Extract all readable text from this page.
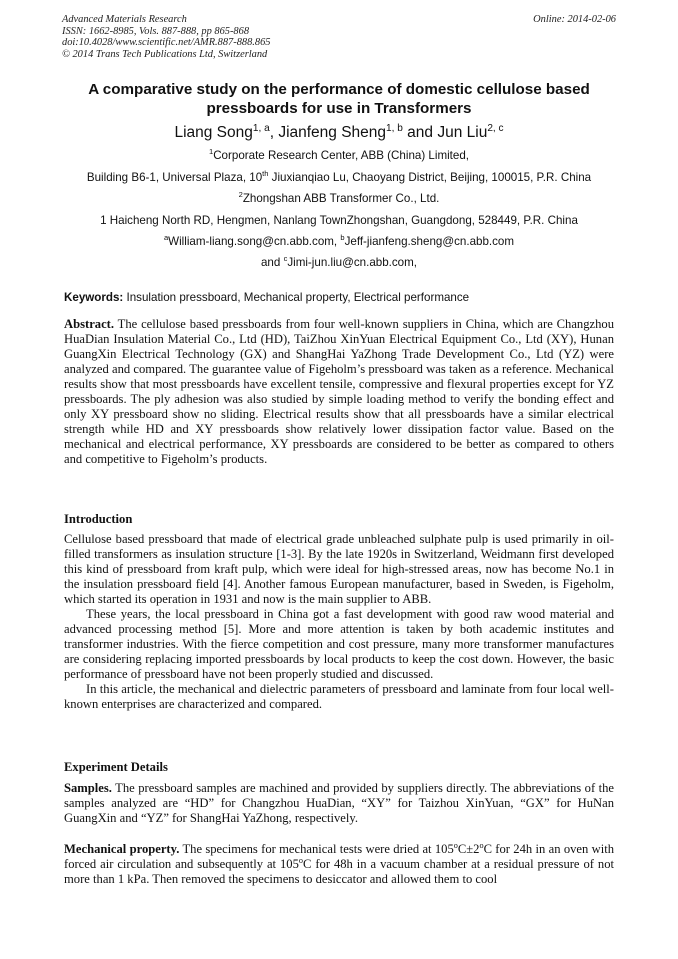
Advanced Materials Research
ISSN: 1662-8985, Vols. 887-888, pp 865-868
doi:10.4028/www.scientific.net/AMR.887-888.865
© 2014 Trans Tech Publications Ltd, Switzerland
Online: 2014-02-06
A comparative study on the performance of domestic cellulose based
pressboards for use in Transformers
Liang Song$^{1, a}$, Jianfeng Sheng$^{1, b}$ and Jun Liu$^{2, c}$
$^1$Corporate Research Center, ABB (China) Limited,
Building B6-1, Universal Plaza, 10th Jiuxianqiao Lu, Chaoyang District, Beijing, 100015, P.R. China
$^2$Zhongshan ABB Transformer Co., Ltd.
1 Haicheng North RD, Hengmen, Nanlang TownZhongshan, Guangdong, 528449, P.R. China
$^a$William-liang.song@cn.abb.com, $^b$Jeff-jianfeng.sheng@cn.abb.com
and $^c$Jimi-jun.liu@cn.abb.com,
Keywords: Insulation pressboard, Mechanical property, Electrical performance
Abstract. The cellulose based pressboards from four well-known suppliers in China, which are Changzhou HuaDian Insulation Material Co., Ltd (HD), TaiZhou XinYuan Electrical Equipment Co., Ltd (XY), Hunan GuangXin Electrical Technology (GX) and ShangHai YaZhong Trade Development Co., Ltd (YZ) were analyzed and compared. The guarantee value of Figeholm’s pressboard was taken as a reference. Mechanical results show that most pressboards have excellent tensile, compressive and flexural properties except for YZ pressboards. The ply adhesion was also studied by simple loading method to verify the bonding effect and only XY pressboard show no sliding. Electrical results show that all pressboards have a similar electrical strength while HD and XY pressboards show relatively lower dissipation factor value. Based on the mechanical and electrical performance, XY pressboards are considered to be better as compared to others and competitive to Figeholm’s products.
Introduction
Cellulose based pressboard that made of electrical grade unbleached sulphate pulp is used primarily in oil-filled transformers as insulation structure [1-3]. By the late 1920s in Switzerland, Weidmann first developed this kind of pressboard from kraft pulp, which were ideal for high-stressed areas, now has become No.1 in the insulation pressboard field [4]. Another famous European manufacturer, based in Sweden, is Figeholm, which started its operation in 1931 and now is the main supplier to ABB.
These years, the local pressboard in China got a fast development with good raw wood material and advanced processing method [5]. More and more attention is taken by both academic institutes and transformer industries. With the fierce competition and cost pressure, many more transformer manufactures are considering replacing imported pressboards by local products to keep the cost down. However, the basic performance of pressboard have not been properly studied and discussed.
In this article, the mechanical and dielectric parameters of pressboard and laminate from four local well-known enterprises are characterized and compared.
Experiment Details
Samples. The pressboard samples are machined and provided by suppliers directly. The abbreviations of the samples analyzed are “HD” for Changzhou HuaDian, “XY” for Taizhou XinYuan, “GX” for HuNan GuangXin and “YZ” for ShangHai YaZhong, respectively.
Mechanical property. The specimens for mechanical tests were dried at $105^oC\pm 2^oC$ for 24h in an oven with forced air circulation and subsequently at 105$^o$C for 48h in a vacuum chamber at a residual pressure of not more than 1 kPa. Then removed the specimens to desiccator and allowed them to cool
